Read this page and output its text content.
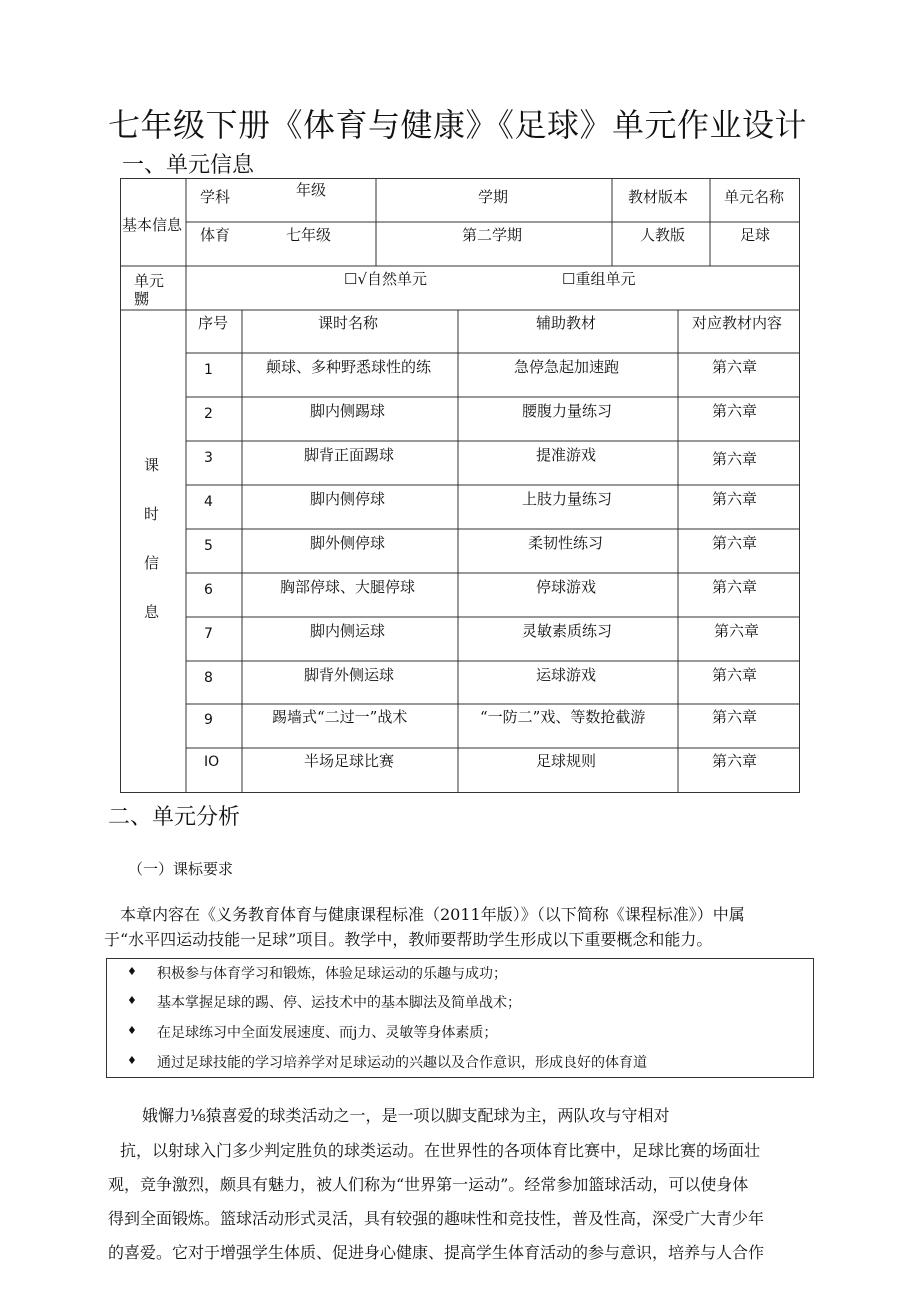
七年级下册《体育与健康》《足球》单元作业设计
一、单元信息
基本信息
学科	年级	学期	教材版本 单元名称
体育	七年级	第二学期	人教版	足球
单元
嬲
☐√自然单元	☐重组单元
序号	课时名称	辅助教材	对应教材内容
课
时
信
息
1	颠球、多种野悉球性的练	急停急起加速跑	第六章
2	脚内侧踢球	腰腹力量练习	第六章
3	脚背正面踢球	提准游戏	第六章
4	脚内侧停球	上肢力量练习	第六章
5	脚外侧停球	柔韧性练习	第六章
6	胸部停球、大腿停球	停球游戏	第六章
7	脚内侧运球	灵敏素质练习	第六章
8	脚背外侧运球	运球游戏	第六章
9	踢墙式“二过一”战术	“一防二”戏、等数抢截游	第六章
IO	半场足球比赛	足球规则	第六章
二、单元分析
（一）课标要求
本章内容在《义务教育体育与健康课程标准（2011年版）》（以下简称《课程标准》）中属
于“水平四运动技能一足球”项目。教学中，教师要帮助学生形成以下重要概念和能力。
♦ 积极参与体育学习和锻炼，体验足球运动的乐趣与成功；
♦ 基本掌握足球的踢、停、运技术中的基本脚法及简单战术；
♦ 在足球练习中全面发展速度、而j力、灵敏等身体素质；
♦ 通过足球技能的学习培养学对足球运动的兴趣以及合作意识，形成良好的体育道
娥懈力⅛猿喜爱的球类活动之一，是一项以脚支配球为主，两队攻与守相对
抗，以射球入门多少判定胜负的球类运动。在世界性的各项体育比赛中，足球比赛的场面壮
观，竞争激烈，颇具有魅力，被人们称为“世界第一运动”。经常参加篮球活动，可以使身体
得到全面锻炼。篮球活动形式灵活，具有较强的趣味性和竞技性，普及性高，深受广大青少年
的喜爱。它对于增强学生体质、促进身心健康、提高学生体育活动的参与意识，培养与人合作
